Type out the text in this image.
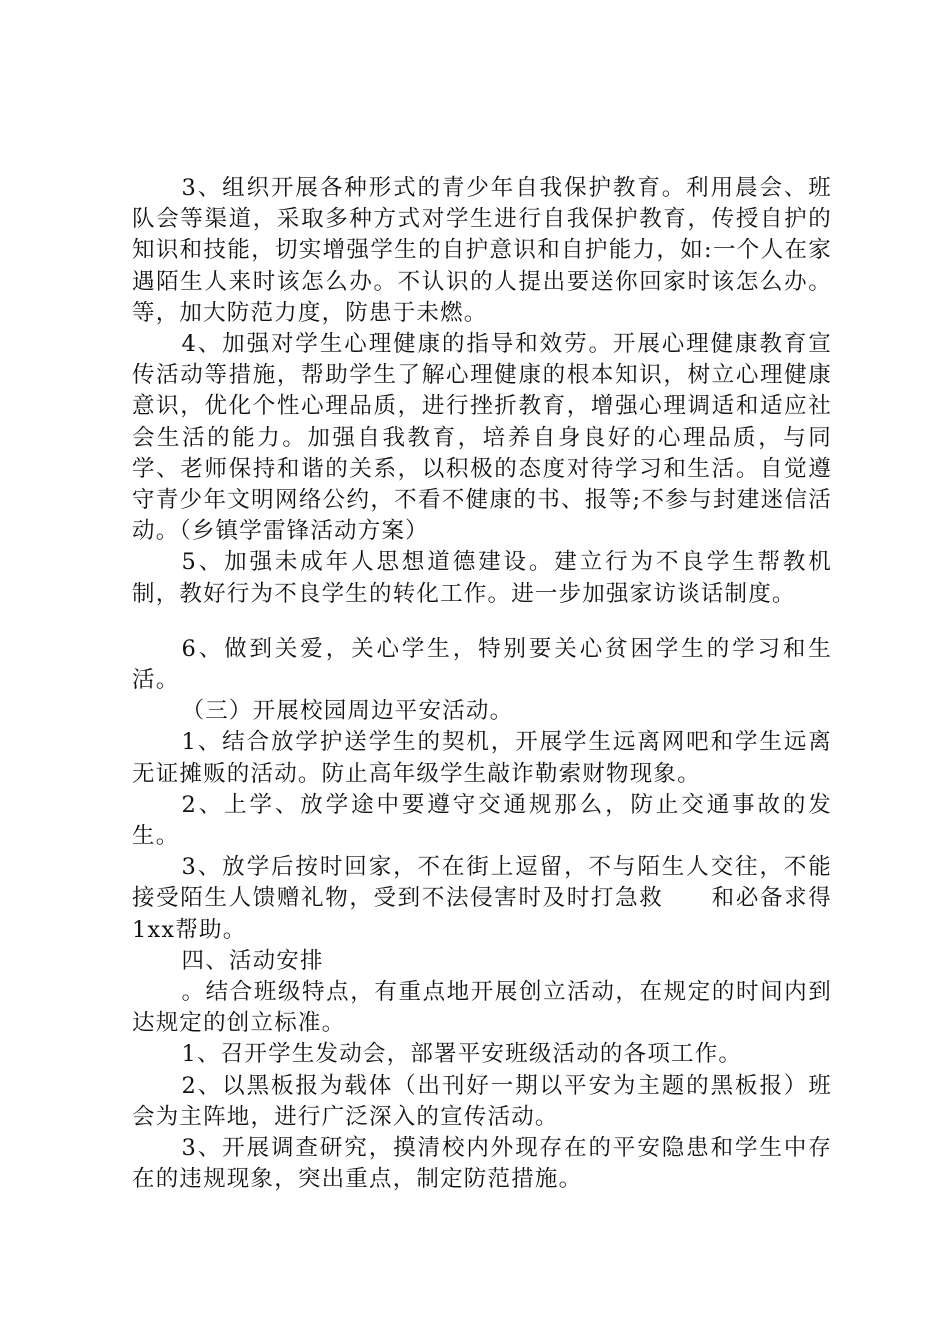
3、组织开展各种形式的青少年自我保护教育。利用晨会、班队会等渠道，采取多种方式对学生进行自我保护教育，传授自护的知识和技能，切实增强学生的自护意识和自护能力，如:一个人在家遇陌生人来时该怎么办。不认识的人提出要送你回家时该怎么办。等，加大防范力度，防患于未燃。

4、加强对学生心理健康的指导和效劳。开展心理健康教育宣传活动等措施，帮助学生了解心理健康的根本知识，树立心理健康意识，优化个性心理品质，进行挫折教育，增强心理调适和适应社会生活的能力。加强自我教育，培养自身良好的心理品质，与同学、老师保持和谐的关系，以积极的态度对待学习和生活。自觉遵守青少年文明网络公约，不看不健康的书、报等;不参与封建迷信活动。（乡镇学雷锋活动方案）

5、加强未成年人思想道德建设。建立行为不良学生帮教机制，教好行为不良学生的转化工作。进一步加强家访谈话制度。

6、做到关爱，关心学生，特别要关心贫困学生的学习和生活。

（三）开展校园周边平安活动。

1、结合放学护送学生的契机，开展学生远离网吧和学生远离无证摊贩的活动。防止高年级学生敲诈勒索财物现象。

2、上学、放学途中要遵守交通规那么，防止交通事故的发生。

3、放学后按时回家，不在街上逗留，不与陌生人交往，不能接受陌生人馈赠礼物，受到不法侵害时及时打急救　　和必备求得1xx帮助。

四、活动安排

。结合班级特点，有重点地开展创立活动，在规定的时间内到达规定的创立标准。

1、召开学生发动会，部署平安班级活动的各项工作。

2、以黑板报为载体（出刊好一期以平安为主题的黑板报）班会为主阵地，进行广泛深入的宣传活动。

3、开展调查研究，摸清校内外现存在的平安隐患和学生中存在的违规现象，突出重点，制定防范措施。
